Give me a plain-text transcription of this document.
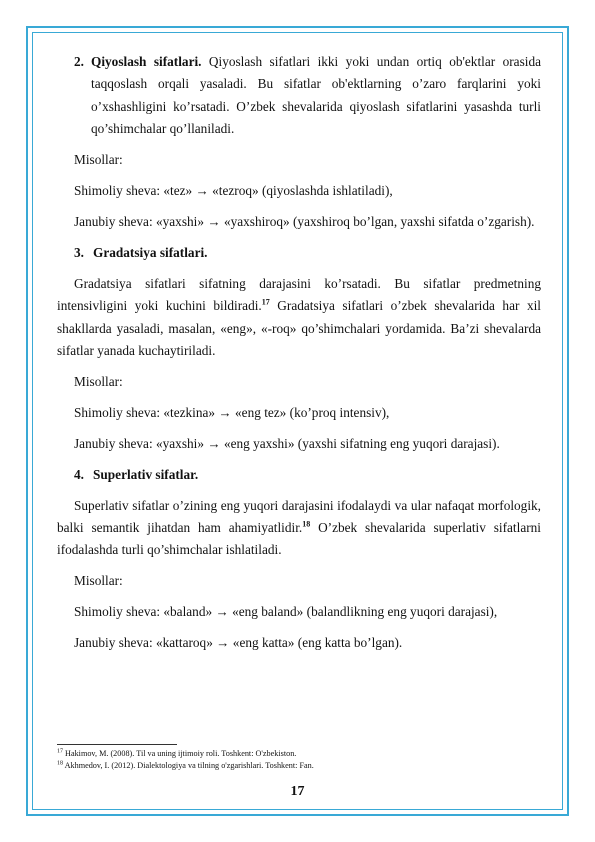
2. Qiyoslash sifatlari. Qiyoslash sifatlari ikki yoki undan ortiq ob'ektlar orasida taqqoslash orqali yasaladi. Bu sifatlar ob'ektlarning o’zaro farqlarini yoki o’xshashligini ko’rsatadi. O’zbek shevalarida qiyoslash sifatlarini yasashda turli qo’shimchalar qo’llaniladi.

Misollar:

Shimoliy sheva: «tez» → «tezroq» (qiyoslashda ishlatiladi),

Janubiy sheva: «yaxshi» → «yaxshiroq» (yaxshiroq bo’lgan, yaxshi sifatda o’zgarish).

3. Gradatsiya sifatlari.

Gradatsiya sifatlari sifatning darajasini ko’rsatadi. Bu sifatlar predmetning intensivligini yoki kuchini bildiradi.$^{17}$ Gradatsiya sifatlari o’zbek shevalarida har xil shakllarda yasaladi, masalan, «eng», «-roq» qo’shimchalari yordamida. Ba’zi shevalarda sifatlar yanada kuchaytiriladi.

Misollar:

Shimoliy sheva: «tezkina» → «eng tez» (ko’proq intensiv),

Janubiy sheva: «yaxshi» → «eng yaxshi» (yaxshi sifatning eng yuqori darajasi).

4. Superlativ sifatlar.

Superlativ sifatlar o’zining eng yuqori darajasini ifodalaydi va ular nafaqat morfologik, balki semantik jihatdan ham ahamiyatlidir.$^{18}$ O’zbek shevalarida superlativ sifatlarni ifodalashda turli qo’shimchalar ishlatiladi.

Misollar:

Shimoliy sheva: «baland» → «eng baland» (balandlikning eng yuqori darajasi),

Janubiy sheva: «kattaroq» → «eng katta» (eng katta bo’lgan).

$^{17}$ Hakimov, M. (2008). Til va uning ijtimoiy roli. Toshkent: O'zbekiston.
$^{18}$ Akhmedov, I. (2012). Dialektologiya va tilning o'zgarishlari. Toshkent: Fan.
17
